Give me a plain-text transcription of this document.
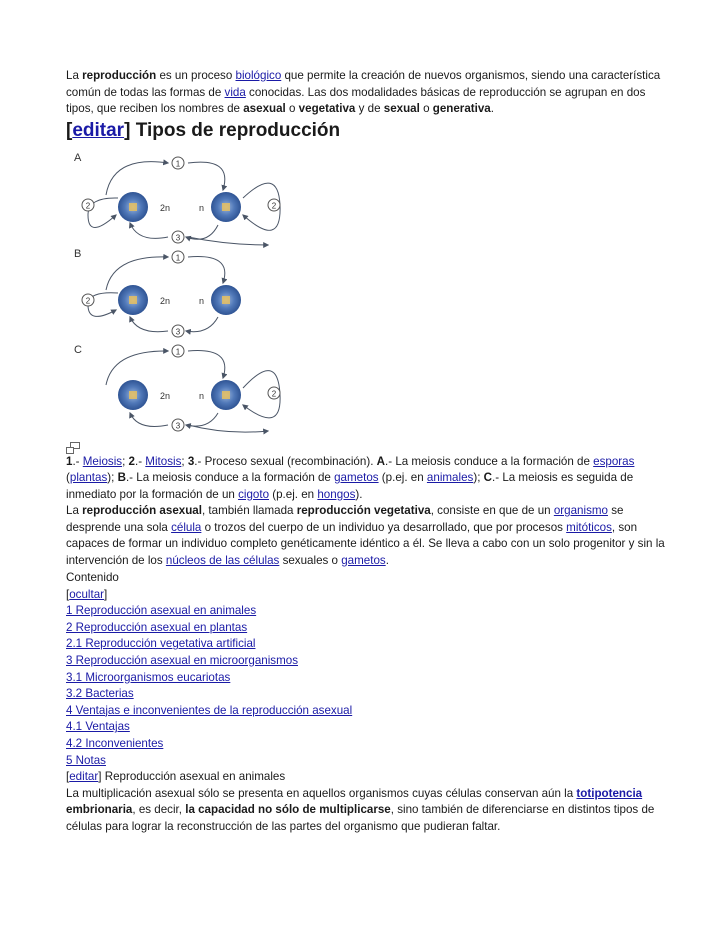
La reproducción es un proceso biológico que permite la creación de nuevos organismos, siendo una característica común de todas las formas de vida conocidas. Las dos modalidades básicas de reproducción se agrupan en dos tipos, que reciben los nombres de asexual o vegetativa y de sexual o generativa.

[editar] Tipos de reproducción
A	1
2	2
3
2n	n
B	1
2
3
2n	n
C	1
2
3
2n	n

1.- Meiosis; 2.- Mitosis; 3.- Proceso sexual (recombinación). A.- La meiosis conduce a la formación de esporas (plantas); B.- La meiosis conduce a la formación de gametos (p.ej. en animales); C.- La meiosis es seguida de inmediato por la formación de un cigoto (p.ej. en hongos).

La reproducción asexual, también llamada reproducción vegetativa, consiste en que de un organismo se desprende una sola célula o trozos del cuerpo de un individuo ya desarrollado, que por procesos mitóticos, son capaces de formar un individuo completo genéticamente idéntico a él. Se lleva a cabo con un solo progenitor y sin la intervención de los núcleos de las células sexuales o gametos.

Contenido

[ocultar]

1 Reproducción asexual en animales

2 Reproducción asexual en plantas

2.1 Reproducción vegetativa artificial

3 Reproducción asexual en microorganismos

3.1 Microorganismos eucariotas

3.2 Bacterias

4 Ventajas e inconvenientes de la reproducción asexual

4.1 Ventajas

4.2 Inconvenientes

5 Notas

[editar] Reproducción asexual en animales

La multiplicación asexual sólo se presenta en aquellos organismos cuyas células conservan aún la totipotencia embrionaria, es decir, la capacidad no sólo de multiplicarse, sino también de diferenciarse en distintos tipos de células para lograr la reconstrucción de las partes del organismo que pudieran faltar.
